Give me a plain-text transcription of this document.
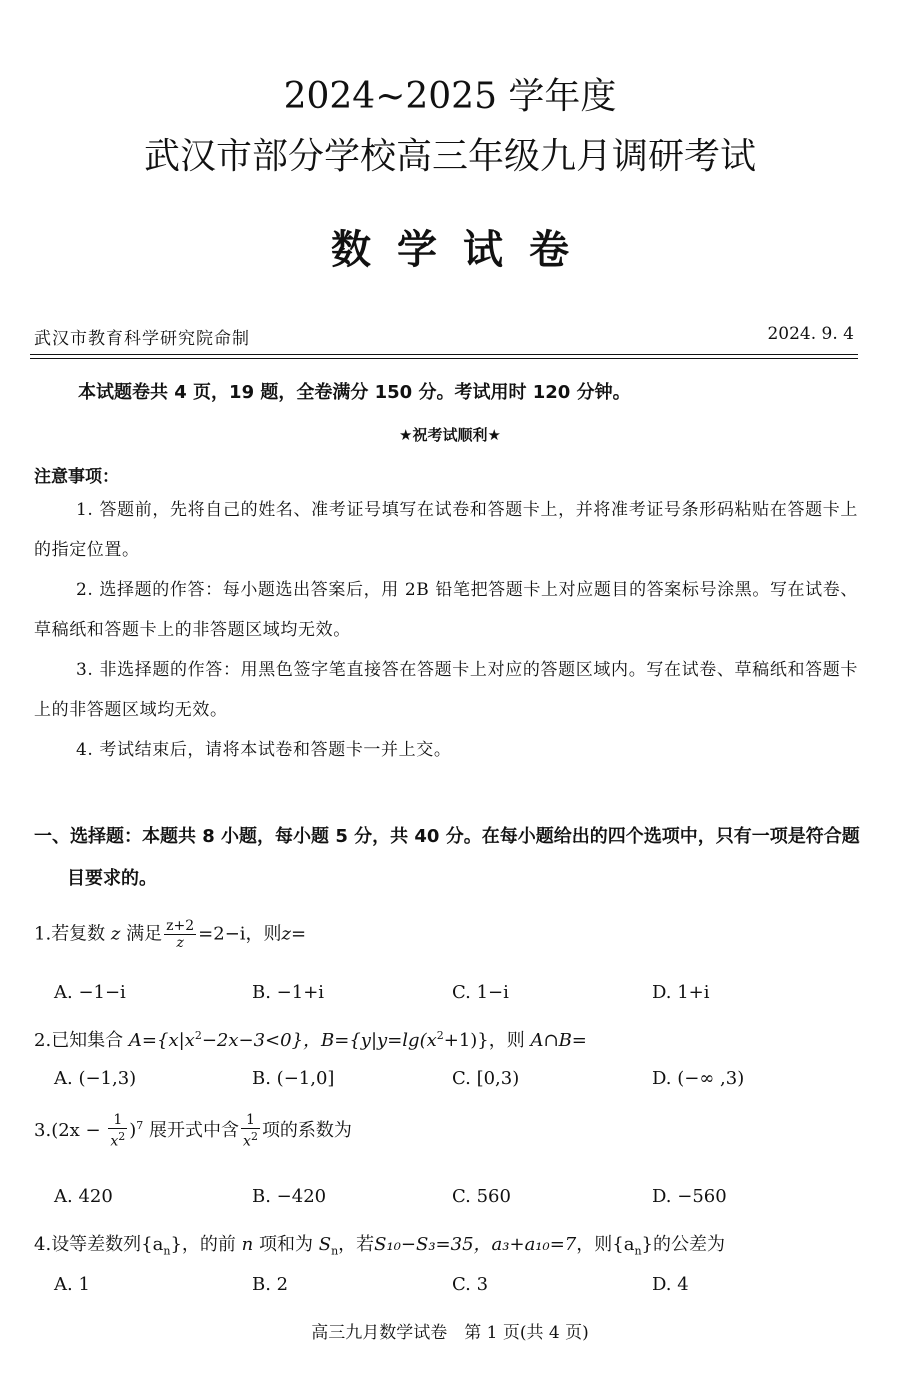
2024~2025 学年度
武汉市部分学校高三年级九月调研考试
数学试卷
武汉市教育科学研究院命制	2024. 9. 4
本试题卷共 4 页，19 题，全卷满分 150 分。考试用时 120 分钟。
★祝考试顺利★
注意事项：
1. 答题前，先将自己的姓名、准考证号填写在试卷和答题卡上，并将准考证号条形码粘贴在答题卡上的指定位置。
2. 选择题的作答：每小题选出答案后，用 2B 铅笔把答题卡上对应题目的答案标号涂黑。写在试卷、草稿纸和答题卡上的非答题区域均无效。
3. 非选择题的作答：用黑色签字笔直接答在答题卡上对应的答题区域内。写在试卷、草稿纸和答题卡上的非答题区域均无效。
4. 考试结束后，请将本试卷和答题卡一并上交。
一、选择题：本题共 8 小题，每小题 5 分，共 40 分。在每小题给出的四个选项中，只有一项是符合题目要求的。
1.若复数 z 满足 $\frac{z+2}{z} =2-i$，则z=
A. −1−i	B. −1+i	C. 1−i	D. 1+i
2.已知集合 $A=\{x|x^2-2x-3<0\}$，$B=\{y|y=\lg(x^2+1)\}$，则 A∩B=
A. (−1,3)	B. (−1,0]	C. [0,3)	D. (−∞ ,3)
$3.(2x - \frac{1}{x^2} )^7$ 展开式中含 $\frac{1}{x^2}$ 项的系数为
A. 420	B. −420	C. 560	D. −560
4.设等差数列$\{a_n\}$，的前 n 项和为 $S_n$，若S₁₀−S₃=35，a₃+a₁₀=7，则$\{a_n\}$的公差为
A. 1	B. 2	C. 3	D. 4
高三九月数学试卷　第 1 页(共 4 页)
